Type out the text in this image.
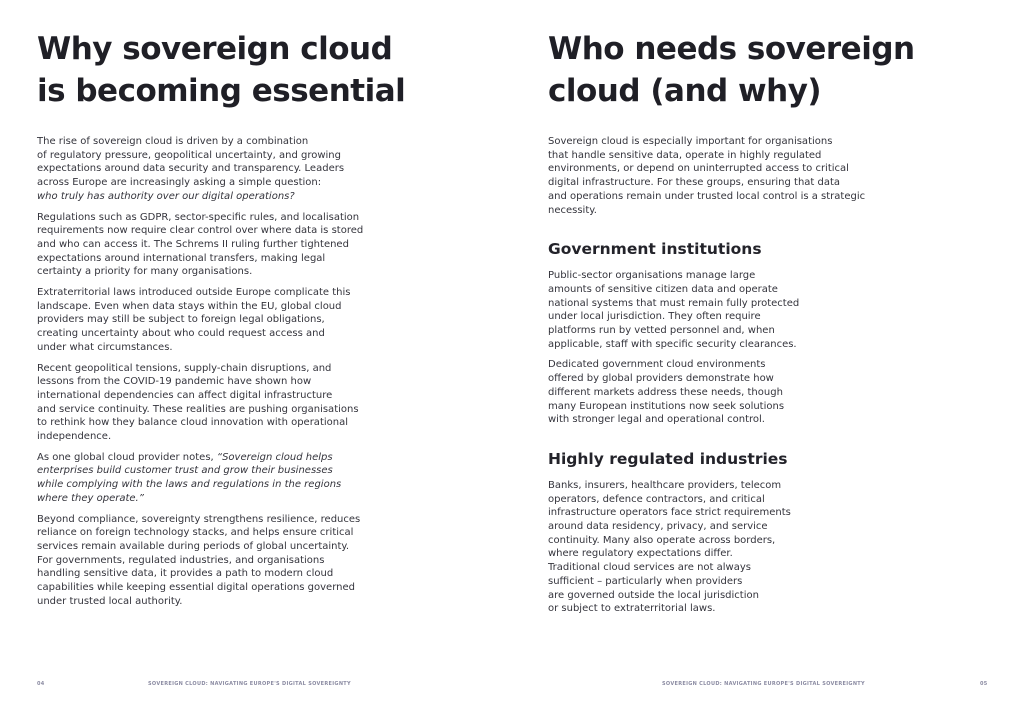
Why sovereign cloud
is becoming essential

The rise of sovereign cloud is driven by a combination
of regulatory pressure, geopolitical uncertainty, and growing
expectations around data security and transparency. Leaders
across Europe are increasingly asking a simple question:
who truly has authority over our digital operations?

Regulations such as GDPR, sector-specific rules, and localisation
requirements now require clear control over where data is stored
and who can access it. The Schrems II ruling further tightened
expectations around international transfers, making legal
certainty a priority for many organisations.

Extraterritorial laws introduced outside Europe complicate this
landscape. Even when data stays within the EU, global cloud
providers may still be subject to foreign legal obligations,
creating uncertainty about who could request access and
under what circumstances.

Recent geopolitical tensions, supply-chain disruptions, and
lessons from the COVID-19 pandemic have shown how
international dependencies can affect digital infrastructure
and service continuity. These realities are pushing organisations
to rethink how they balance cloud innovation with operational
independence.

As one global cloud provider notes, “Sovereign cloud helps
enterprises build customer trust and grow their businesses
while complying with the laws and regulations in the regions
where they operate.”

Beyond compliance, sovereignty strengthens resilience, reduces
reliance on foreign technology stacks, and helps ensure critical
services remain available during periods of global uncertainty.
For governments, regulated industries, and organisations
handling sensitive data, it provides a path to modern cloud
capabilities while keeping essential digital operations governed
under trusted local authority.

04	SOVEREIGN CLOUD: NAVIGATING EUROPE'S DIGITAL SOVEREIGNTY
Who needs sovereign
cloud (and why)

Sovereign cloud is especially important for organisations
that handle sensitive data, operate in highly regulated
environments, or depend on uninterrupted access to critical
digital infrastructure. For these groups, ensuring that data
and operations remain under trusted local control is a strategic
necessity.

Government institutions

Public-sector organisations manage large
amounts of sensitive citizen data and operate
national systems that must remain fully protected
under local jurisdiction. They often require
platforms run by vetted personnel and, when
applicable, staff with specific security clearances.

Dedicated government cloud environments
offered by global providers demonstrate how
different markets address these needs, though
many European institutions now seek solutions
with stronger legal and operational control.

Highly regulated industries

Banks, insurers, healthcare providers, telecom
operators, defence contractors, and critical
infrastructure operators face strict requirements
around data residency, privacy, and service
continuity. Many also operate across borders,
where regulatory expectations differ.
Traditional cloud services are not always
sufficient – particularly when providers
are governed outside the local jurisdiction
or subject to extraterritorial laws.

SOVEREIGN CLOUD: NAVIGATING EUROPE'S DIGITAL SOVEREIGNTY	05
